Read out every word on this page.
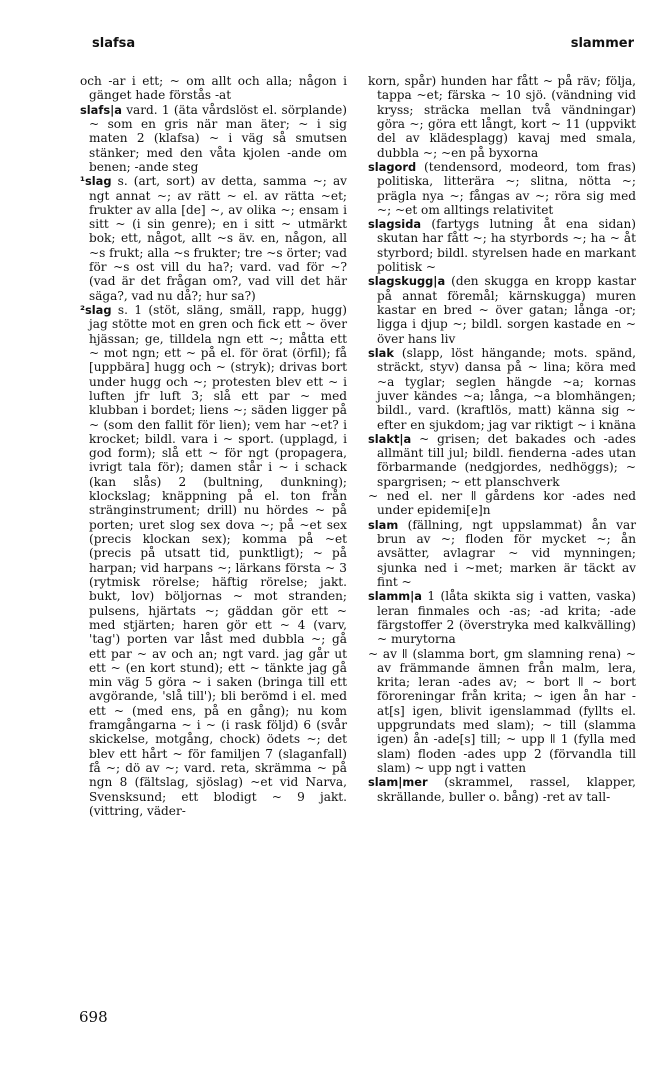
slafsa	slammer

och -ar i ett; ~ om allt och alla; någon i gänget hade förstås -at

slafs|a vard. 1 (äta vårdslöst el. sörplande) ~ som en gris när man äter; ~ i sig maten 2 (klafsa) ~ i väg så smutsen stänker; med den våta kjolen -ande om benen; -ande steg

¹slag s. (art, sort) av detta, samma ~; av ngt annat ~; av rätt ~ el. av rätta ~et; frukter av alla [de] ~, av olika ~; ensam i sitt ~ (i sin genre); en i sitt ~ utmärkt bok; ett, något, allt ~s äv. en, någon, all ~s frukt; alla ~s frukter; tre ~s örter; vad för ~s ost vill du ha?; vard. vad för ~? (vad är det frågan om?, vad vill det här säga?, vad nu då?; hur sa?)

²slag s. 1 (stöt, släng, smäll, rapp, hugg) jag stötte mot en gren och fick ett ~ över hjässan; ge, tilldela ngn ett ~; måtta ett ~ mot ngn; ett ~ på el. för örat (örfil); få [uppbära] hugg och ~ (stryk); drivas bort under hugg och ~; protesten blev ett ~ i luften jfr luft 3; slå ett par ~ med klubban i bordet; liens ~; säden ligger på ~ (som den fallit för lien); vem har ~et? i krocket; bildl. vara i ~ sport. (upplagd, i god form); slå ett ~ för ngt (propagera, ivrigt tala för); damen står i ~ i schack (kan slås) 2 (bultning, dunkning); klockslag; knäppning på el. ton från stränginstrument; drill) nu hördes ~ på porten; uret slog sex dova ~; på ~et sex (precis klockan sex); komma på ~et (precis på utsatt tid, punktligt); ~ på harpan; vid harpans ~; lärkans första ~ 3 (rytmisk rörelse; häftig rörelse; jakt. bukt, lov) böljornas ~ mot stranden; pulsens, hjärtats ~; gäddan gör ett ~ med stjärten; haren gör ett ~ 4 (varv, 'tag') porten var låst med dubbla ~; gå ett par ~ av och an; ngt vard. jag går ut ett ~ (en kort stund); ett ~ tänkte jag gå min väg 5 göra ~ i saken (bringa till ett avgörande, 'slå till'); bli berömd i el. med ett ~ (med ens, på en gång); nu kom framgångarna ~ i ~ (i rask följd) 6 (svår skickelse, motgång, chock) ödets ~; det blev ett hårt ~ för familjen 7 (slaganfall) få ~; dö av ~; vard. reta, skrämma ~ på ngn 8 (fältslag, sjöslag) ~et vid Narva, Svensksund; ett blodigt ~ 9 jakt. (vittring, väder-

korn, spår) hunden har fått ~ på räv; följa, tappa ~et; färska ~ 10 sjö. (vändning vid kryss; sträcka mellan två vändningar) göra ~; göra ett långt, kort ~ 11 (uppvikt del av klädesplagg) kavaj med smala, dubbla ~; ~en på byxorna

slagord (tendensord, modeord, tom fras) politiska, litterära ~; slitna, nötta ~; prägla nya ~; fångas av ~; röra sig med ~; ~et om alltings relativitet

slagsida (fartygs lutning åt ena sidan) skutan har fått ~; ha styrbords ~; ha ~ åt styrbord; bildl. styrelsen hade en markant politisk ~

slagskugg|a (den skugga en kropp kastar på annat föremål; kärnskugga) muren kastar en bred ~ över gatan; långa -or; ligga i djup ~; bildl. sorgen kastade en ~ över hans liv

slak (slapp, löst hängande; mots. spänd, sträckt, styv) dansa på ~ lina; köra med ~a tyglar; seglen hängde ~a; kornas juver kändes ~a; långa, ~a blomhängen; bildl., vard. (kraftlös, matt) känna sig ~ efter en sjukdom; jag var riktigt ~ i knäna

slakt|a ~ grisen; det bakades och -ades allmänt till jul; bildl. fienderna -ades utan förbarmande (nedgjordes, nedhöggs); ~ spargrisen; ~ ett planschverk

~ ned el. ner ǁ gårdens kor -ades ned under epidemi[e]n

slam (fällning, ngt uppslammat) ån var brun av ~; floden för mycket ~; ån avsätter, avlagrar ~ vid mynningen; sjunka ned i ~met; marken är täckt av fint ~

slamm|a 1 (låta skikta sig i vatten, vaska) leran finmales och -as; -ad krita; -ade färgstoffer 2 (överstryka med kalkvälling) ~ murytorna

~ av ǁ (slamma bort, gm slamning rena) ~ av främmande ämnen från malm, lera, krita; leran -ades av; ~ bort ǁ ~ bort föroreningar från krita; ~ igen ån har -at[s] igen, blivit igenslammad (fyllts el. uppgrundats med slam); ~ till (slamma igen) ån -ade[s] till; ~ upp ǁ 1 (fylla med slam) floden -ades upp 2 (förvandla till slam) ~ upp ngt i vatten

slam|mer (skrammel, rassel, klapper, skrällande, buller o. bång) -ret av tall-

698
